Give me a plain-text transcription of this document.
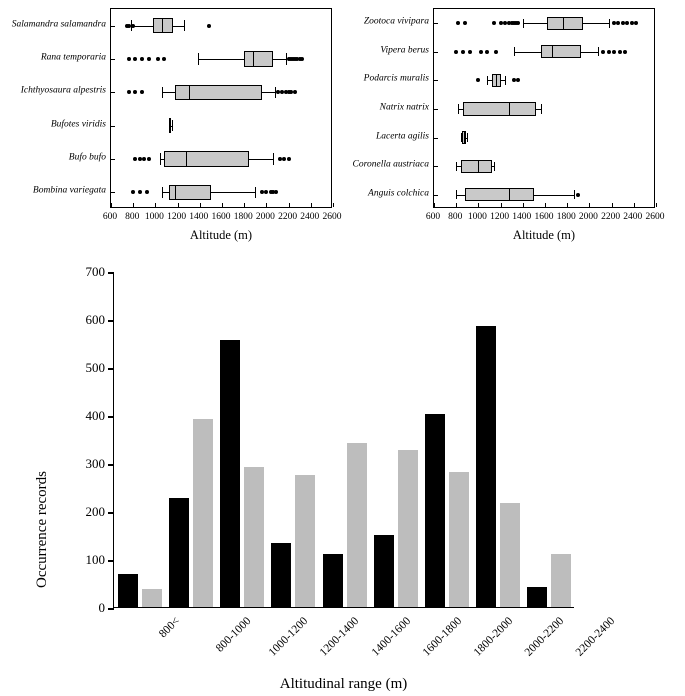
Salamandra salamandra
Rana temporaria
Ichthyosaura alpestris
Bufotes viridis
Bufo bufo
Bombina variegata
600 800 1000 1200 1400 1600 1800 2000 2200 2400 2600
Altitude (m)
Zootoca vivipara
Vipera berus
Podarcis muralis
Natrix natrix
Lacerta agilis
Coronella austriaca
Anguis colchica
600 800 1000 1200 1400 1600 1800 2000 2200 2400 2600
Altitude (m)
0
100
200
300
400
500
600
700
800<	800-1000 1000-1200 1200-1400 1400-1600 1600-1800 1800-2000 2000-2200 2200-2400
Occurrence records
Altitudinal range (m)
